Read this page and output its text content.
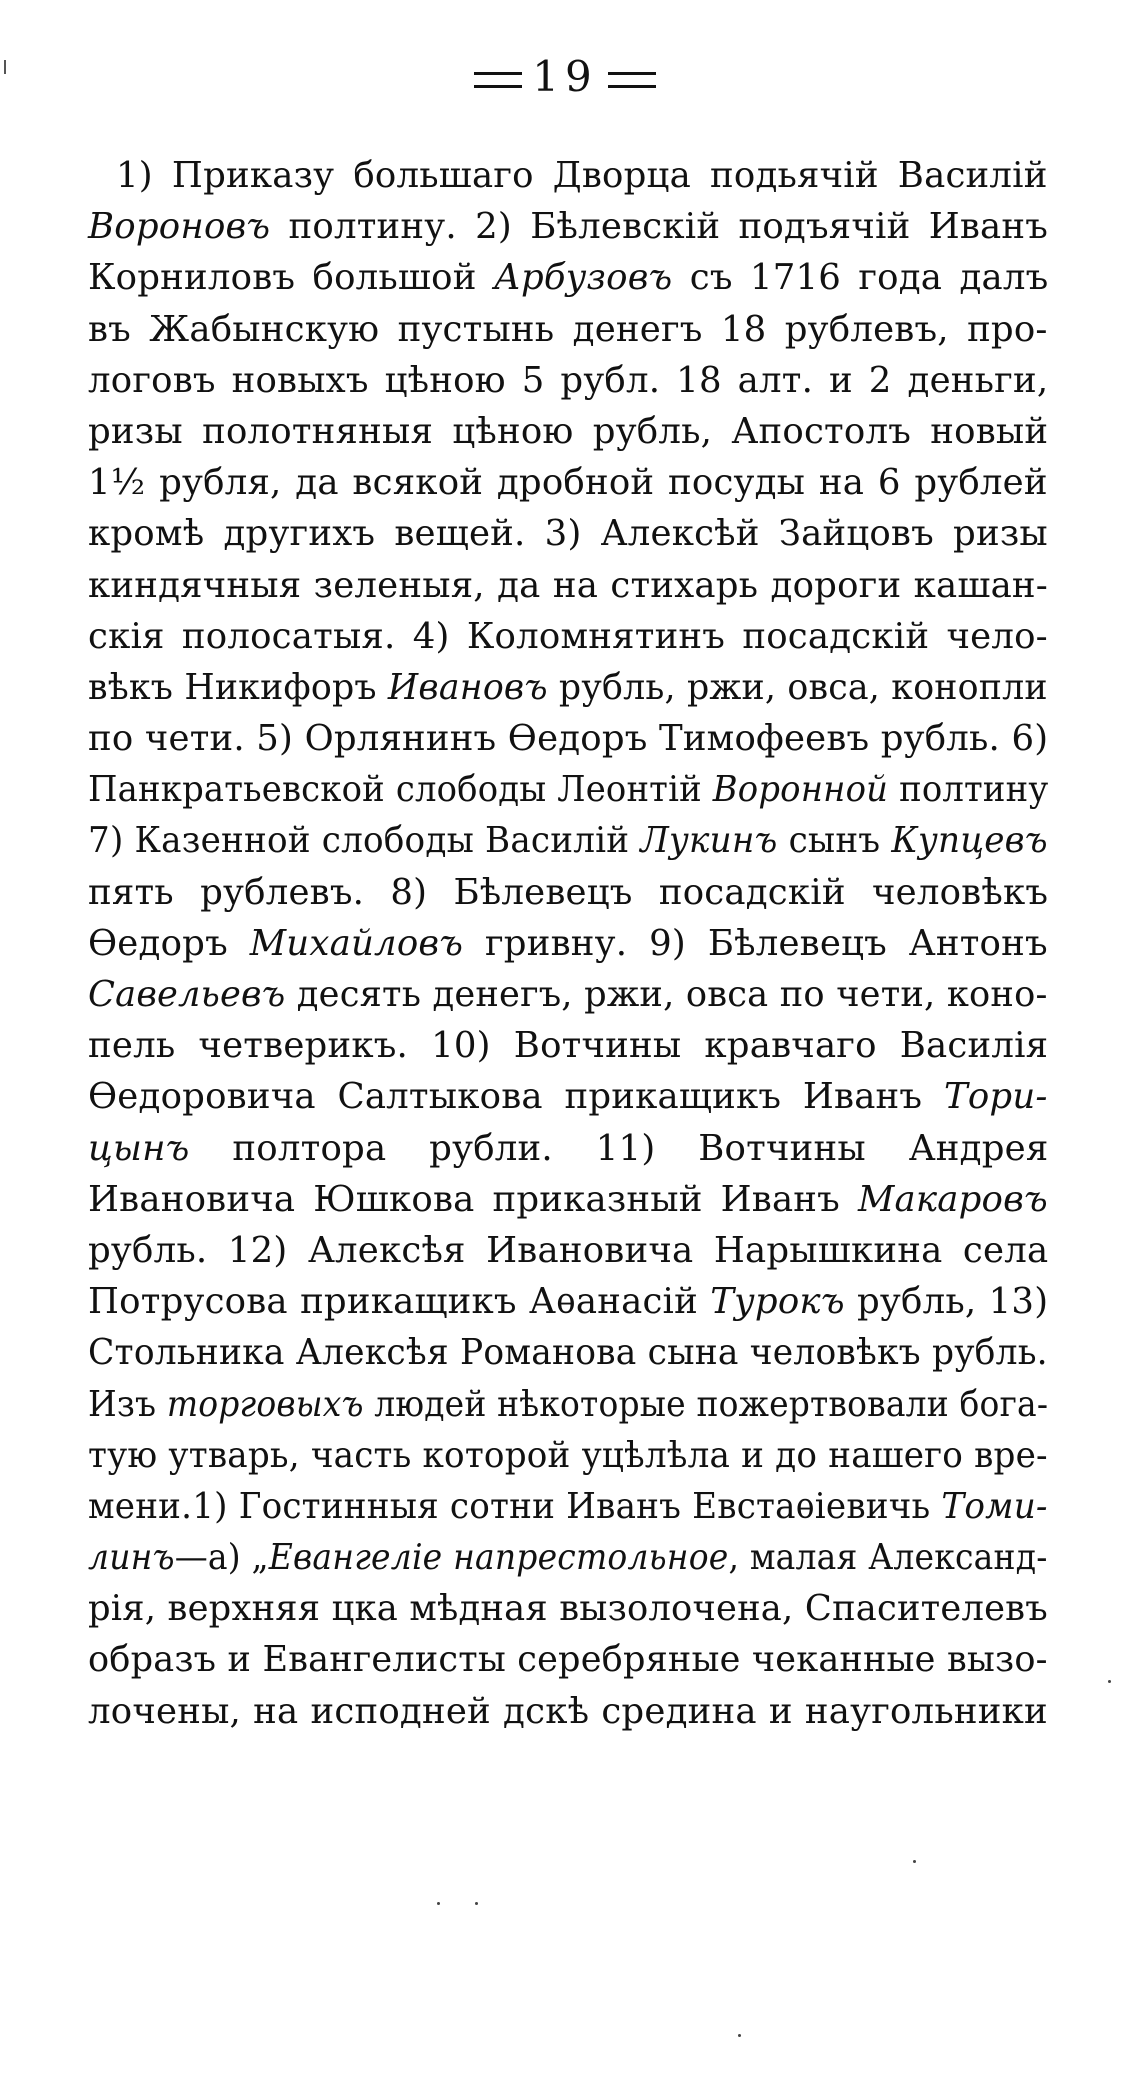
19
1) Приказу большаго Дворца подьячій Василій
Вороновъ полтину. 2) Бѣлевскій подъячій Иванъ
Корниловъ большой Арбузовъ съ 1716 года далъ
въ Жабынскую пустынь денегъ 18 рублевъ, про-
логовъ новыхъ цѣною 5 рубл. 18 алт. и 2 деньги,
ризы полотняныя цѣною рубль, Апостолъ новый
1½ рубля, да всякой дробной посуды на 6 рублей
кромѣ другихъ вещей. 3) Алексѣй Зайцовъ ризы
киндячныя зеленыя, да на стихарь дороги кашан-
скія полосатыя. 4) Коломнятинъ посадскій чело-
вѣкъ Никифоръ Ивановъ рубль, ржи, овса, конопли
по чети. 5) Орлянинъ Ѳедоръ Тимофеевъ рубль. 6)
Панкратьевской слободы Леонтій Воронной полтину
7) Казенной слободы Василій Лукинъ сынъ Купцевъ
пять рублевъ. 8) Бѣлевецъ посадскій человѣкъ
Ѳедоръ Михайловъ гривну. 9) Бѣлевецъ Антонъ
Савельевъ десять денегъ, ржи, овса по чети, коно-
пель четверикъ. 10) Вотчины кравчаго Василія
Ѳедоровича Салтыкова прикащикъ Иванъ Тори-
цынъ полтора рубли. 11) Вотчины Андрея
Ивановича Юшкова приказный Иванъ Макаровъ
рубль. 12) Алексѣя Ивановича Нарышкина села
Потрусова прикащикъ Аѳанасій Турокъ рубль, 13)
Стольника Алексѣя Романова сына человѣкъ рубль.
Изъ торговыхъ людей нѣкоторые пожертвовали бога-
тую утварь, часть которой уцѣлѣла и до нашего вре-
мени.1) Гостинныя сотни Иванъ Евстаѳіевичь Томи-
линъ—а) „Евангеліе напрестольное, малая Александ-
рія, верхняя цка мѣдная вызолочена, Спасителевъ
образъ и Евангелисты серебряные чеканные вызо-
лочены, на исподней дскѣ средина и наугольники
